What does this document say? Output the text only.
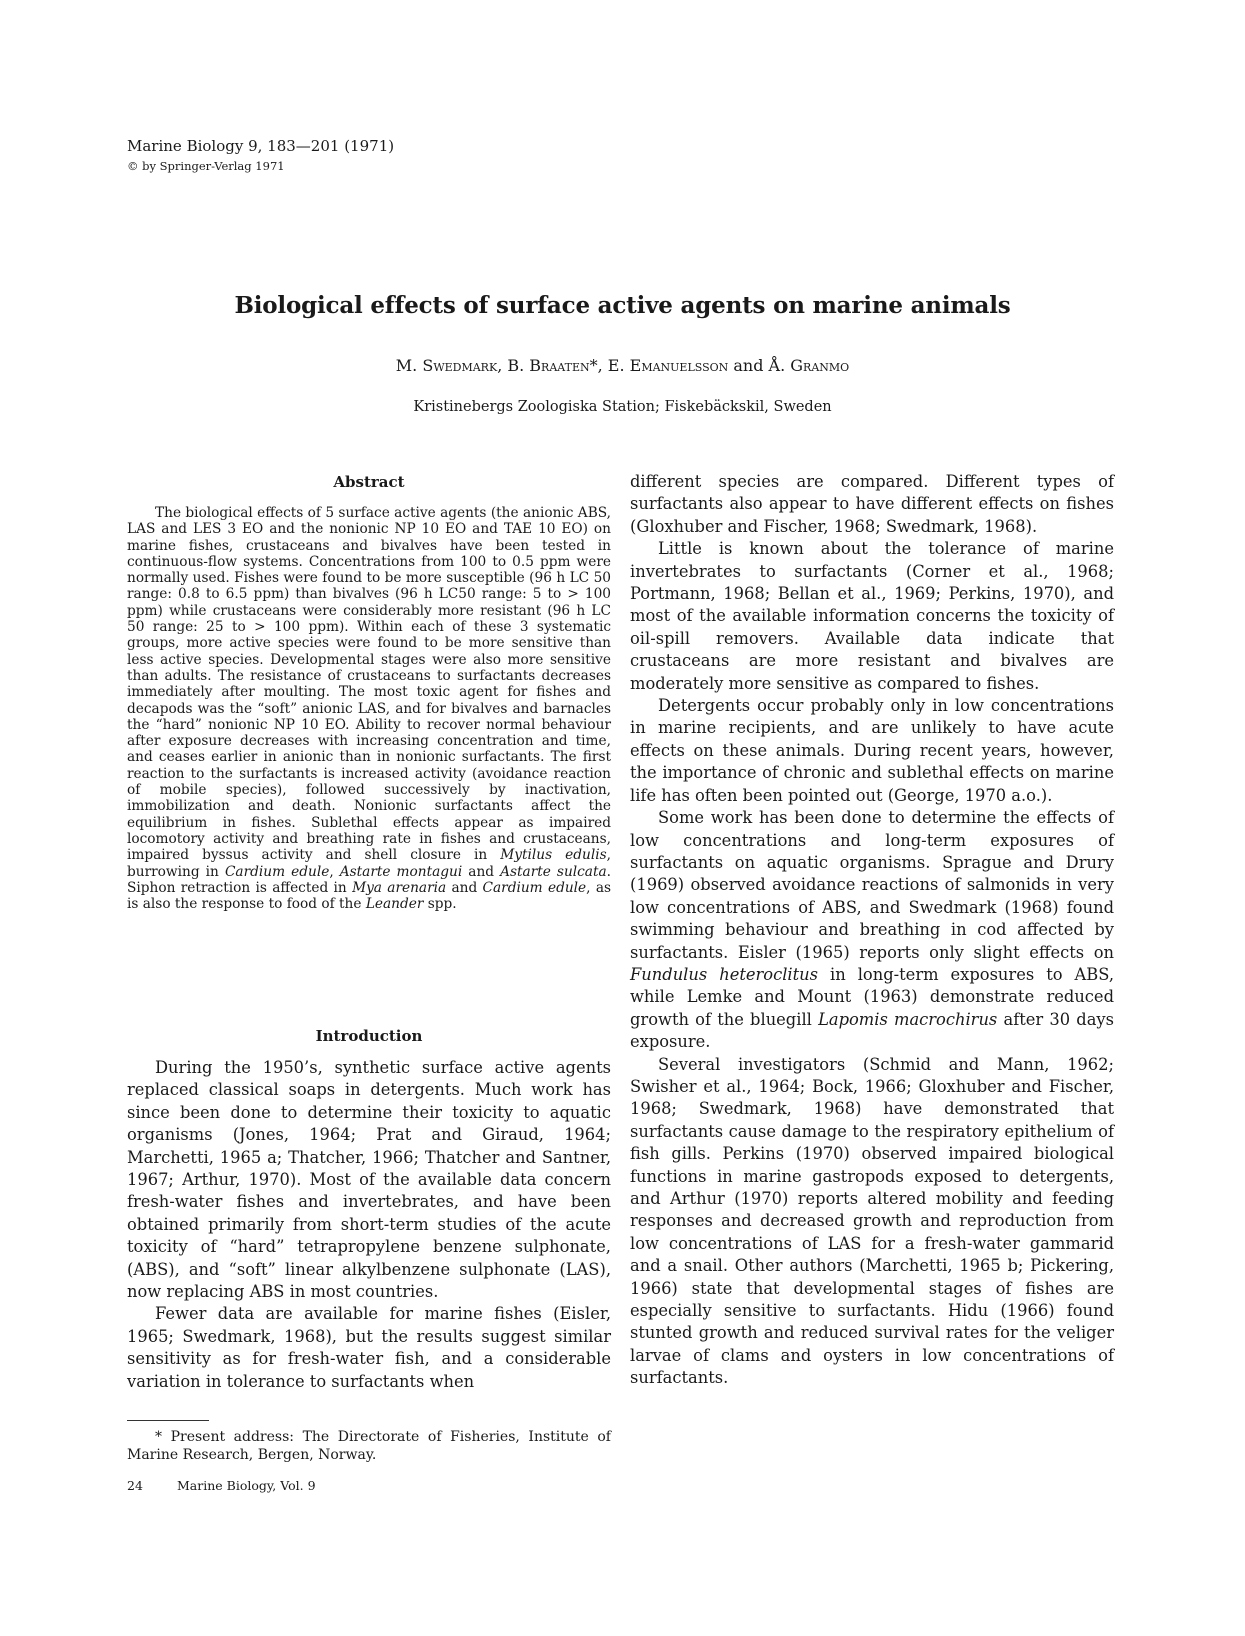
Marine Biology 9, 183—201 (1971)
© by Springer-Verlag 1971
Biological effects of surface active agents on marine animals
M. Swedmark, B. Braaten*, E. Emanuelsson and Å. Granmo
Kristinebergs Zoologiska Station; Fiskebäckskil, Sweden
Abstract

The biological effects of 5 surface active agents (the anionic ABS, LAS and LES 3 EO and the nonionic NP 10 EO and TAE 10 EO) on marine fishes, crustaceans and bivalves have been tested in continuous-flow systems. Concentrations from 100 to 0.5 ppm were normally used. Fishes were found to be more susceptible (96 h LC 50 range: 0.8 to 6.5 ppm) than bivalves (96 h LC50 range: 5 to > 100 ppm) while crustaceans were considerably more resistant (96 h LC 50 range: 25 to > 100 ppm). Within each of these 3 systematic groups, more active species were found to be more sensitive than less active species. Developmental stages were also more sensitive than adults. The resistance of crustaceans to surfactants decreases immediately after moulting. The most toxic agent for fishes and decapods was the “soft” anionic LAS, and for bivalves and barnacles the “hard” nonionic NP 10 EO. Ability to recover normal behaviour after exposure decreases with increasing concentration and time, and ceases earlier in anionic than in nonionic surfactants. The first reaction to the surfactants is increased activity (avoidance reaction of mobile species), followed successively by inactivation, immobilization and death. Nonionic surfactants affect the equilibrium in fishes. Sublethal effects appear as impaired locomotory activity and breathing rate in fishes and crustaceans, impaired byssus activity and shell closure in Mytilus edulis, burrowing in Cardium edule, Astarte montagui and Astarte sulcata. Siphon retraction is affected in Mya arenaria and Cardium edule, as is also the response to food of the Leander spp.

Introduction

During the 1950’s, synthetic surface active agents replaced classical soaps in detergents. Much work has since been done to determine their toxicity to aquatic organisms (Jones, 1964; Prat and Giraud, 1964; Marchetti, 1965 a; Thatcher, 1966; Thatcher and Santner, 1967; Arthur, 1970). Most of the available data concern fresh-water fishes and invertebrates, and have been obtained primarily from short-term studies of the acute toxicity of “hard” tetrapropylene benzene sulphonate, (ABS), and “soft” linear alkylbenzene sulphonate (LAS), now replacing ABS in most countries.

Fewer data are available for marine fishes (Eisler, 1965; Swedmark, 1968), but the results suggest similar sensitivity as for fresh-water fish, and a considerable variation in tolerance to surfactants when

different species are compared. Different types of surfactants also appear to have different effects on fishes (Gloxhuber and Fischer, 1968; Swedmark, 1968).

Little is known about the tolerance of marine invertebrates to surfactants (Corner et al., 1968; Portmann, 1968; Bellan et al., 1969; Perkins, 1970), and most of the available information concerns the toxicity of oil-spill removers. Available data indicate that crustaceans are more resistant and bivalves are moderately more sensitive as compared to fishes.

Detergents occur probably only in low concentrations in marine recipients, and are unlikely to have acute effects on these animals. During recent years, however, the importance of chronic and sublethal effects on marine life has often been pointed out (George, 1970 a.o.).

Some work has been done to determine the effects of low concentrations and long-term exposures of surfactants on aquatic organisms. Sprague and Drury (1969) observed avoidance reactions of salmonids in very low concentrations of ABS, and Swedmark (1968) found swimming behaviour and breathing in cod affected by surfactants. Eisler (1965) reports only slight effects on Fundulus heteroclitus in long-term exposures to ABS, while Lemke and Mount (1963) demonstrate reduced growth of the bluegill Lapomis macrochirus after 30 days exposure.

Several investigators (Schmid and Mann, 1962; Swisher et al., 1964; Bock, 1966; Gloxhuber and Fischer, 1968; Swedmark, 1968) have demonstrated that surfactants cause damage to the respiratory epithelium of fish gills. Perkins (1970) observed impaired biological functions in marine gastropods exposed to detergents, and Arthur (1970) reports altered mobility and feeding responses and decreased growth and reproduction from low concentrations of LAS for a fresh-water gammarid and a snail. Other authors (Marchetti, 1965 b; Pickering, 1966) state that developmental stages of fishes are especially sensitive to surfactants. Hidu (1966) found stunted growth and reduced survival rates for the veliger larvae of clams and oysters in low concentrations of surfactants.

* Present address: The Directorate of Fisheries, Institute of Marine Research, Bergen, Norway.

24	Marine Biology, Vol. 9
